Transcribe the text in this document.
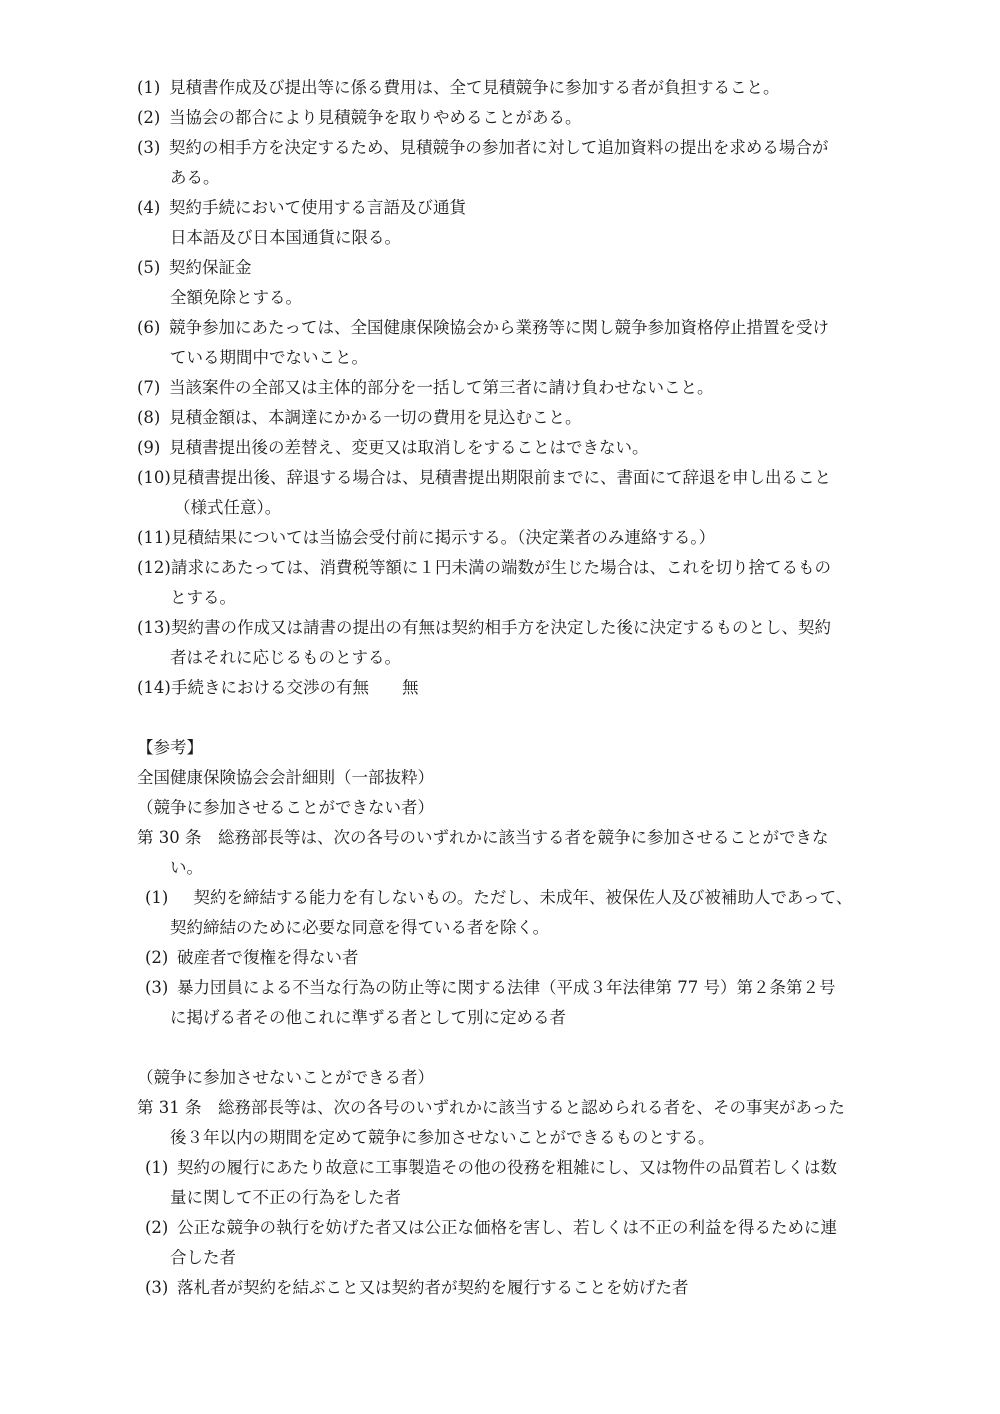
(1) 見積書作成及び提出等に係る費用は、全て見積競争に参加する者が負担すること。
(2) 当協会の都合により見積競争を取りやめることがある。
(3) 契約の相手方を決定するため、見積競争の参加者に対して追加資料の提出を求める場合が
ある。
(4) 契約手続において使用する言語及び通貨
日本語及び日本国通貨に限る。
(5) 契約保証金
全額免除とする。
(6) 競争参加にあたっては、全国健康保険協会から業務等に関し競争参加資格停止措置を受け
ている期間中でないこと。
(7) 当該案件の全部又は主体的部分を一括して第三者に請け負わせないこと。
(8) 見積金額は、本調達にかかる一切の費用を見込むこと。
(9) 見積書提出後の差替え、変更又は取消しをすることはできない。
(10)見積書提出後、辞退する場合は、見積書提出期限前までに、書面にて辞退を申し出ること
（様式任意）。
(11)見積結果については当協会受付前に掲示する。（決定業者のみ連絡する。）
(12)請求にあたっては、消費税等額に１円未満の端数が生じた場合は、これを切り捨てるもの
とする。
(13)契約書の作成又は請書の提出の有無は契約相手方を決定した後に決定するものとし、契約
者はそれに応じるものとする。
(14)手続きにおける交渉の有無　　無
【参考】
全国健康保険協会会計細則（一部抜粋）
（競争に参加させることができない者）
第 30 条　総務部長等は、次の各号のいずれかに該当する者を競争に参加させることができな
い。
(1)　契約を締結する能力を有しないもの。ただし、未成年、被保佐人及び被補助人であって、
契約締結のために必要な同意を得ている者を除く。
(2) 破産者で復権を得ない者
(3) 暴力団員による不当な行為の防止等に関する法律（平成３年法律第 77 号）第２条第２号
に掲げる者その他これに準ずる者として別に定める者
（競争に参加させないことができる者）
第 31 条　総務部長等は、次の各号のいずれかに該当すると認められる者を、その事実があった
後３年以内の期間を定めて競争に参加させないことができるものとする。
(1) 契約の履行にあたり故意に工事製造その他の役務を粗雑にし、又は物件の品質若しくは数
量に関して不正の行為をした者
(2) 公正な競争の執行を妨げた者又は公正な価格を害し、若しくは不正の利益を得るために連
合した者
(3) 落札者が契約を結ぶこと又は契約者が契約を履行することを妨げた者
